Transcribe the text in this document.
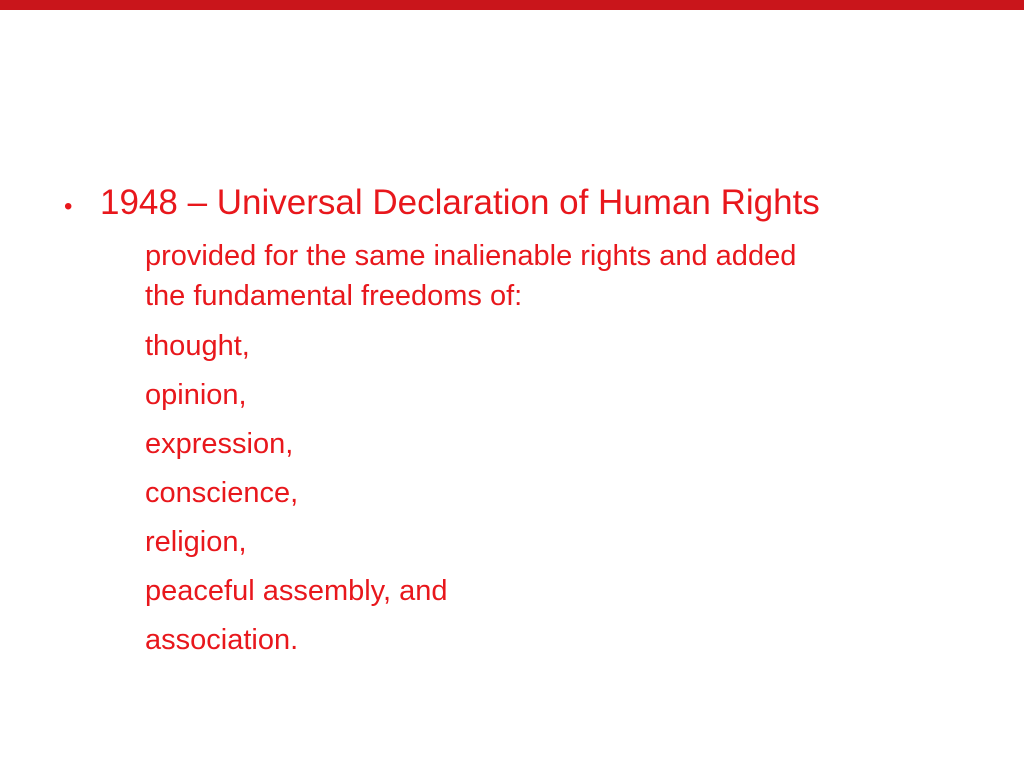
• 1948 – Universal Declaration of Human Rights
provided for the same inalienable rights and added
the fundamental freedoms of:
thought,
opinion,
expression,
conscience,
religion,
peaceful assembly, and
association.
